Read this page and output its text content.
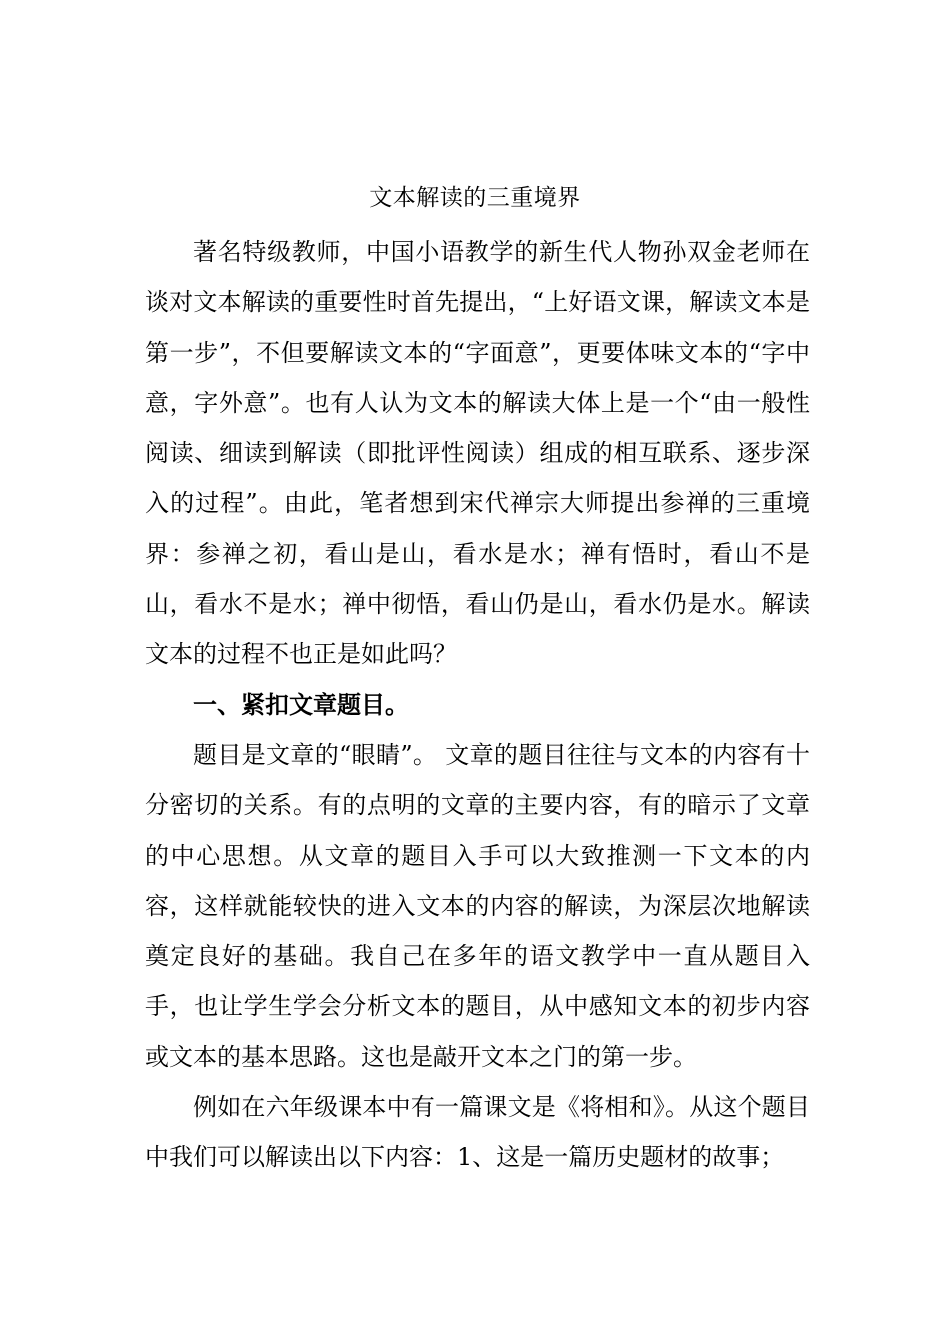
文本解读的三重境界

著名特级教师，中国小语教学的新生代人物孙双金老师在谈对文本解读的重要性时首先提出，“上好语文课，解读文本是第一步”，不但要解读文本的“字面意”，更要体味文本的“字中意，字外意”。也有人认为文本的解读大体上是一个“由一般性阅读、细读到解读（即批评性阅读）组成的相互联系、逐步深入的过程”。由此，笔者想到宋代禅宗大师提出参禅的三重境界：参禅之初，看山是山，看水是水；禅有悟时，看山不是山，看水不是水；禅中彻悟，看山仍是山，看水仍是水。解读文本的过程不也正是如此吗？

一、紧扣文章题目。

题目是文章的“眼睛”。 文章的题目往往与文本的内容有十分密切的关系。有的点明的文章的主要内容，有的暗示了文章的中心思想。从文章的题目入手可以大致推测一下文本的内容，这样就能较快的进入文本的内容的解读，为深层次地解读奠定良好的基础。我自己在多年的语文教学中一直从题目入手，也让学生学会分析文本的题目，从中感知文本的初步内容或文本的基本思路。这也是敲开文本之门的第一步。

例如在六年级课本中有一篇课文是《将相和》。从这个题目中我们可以解读出以下内容：1、这是一篇历史题材的故事；
